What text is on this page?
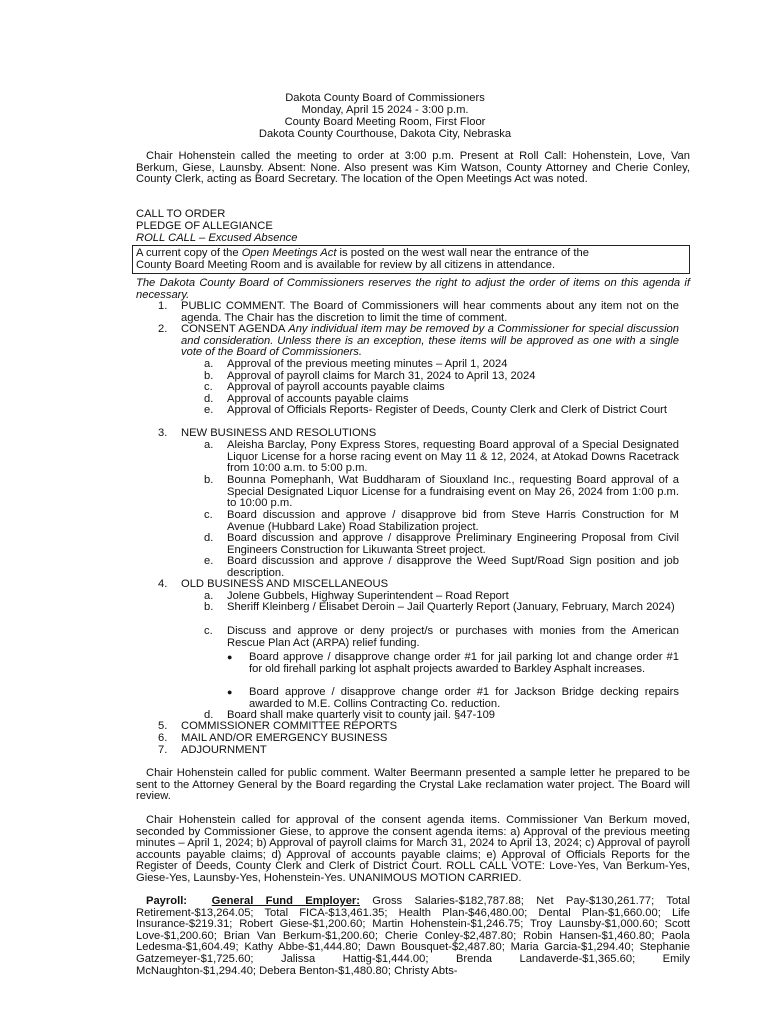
Dakota County Board of Commissioners
Monday, April 15 2024 - 3:00 p.m.
County Board Meeting Room, First Floor
Dakota County Courthouse, Dakota City, Nebraska
Chair Hohenstein called the meeting to order at 3:00 p.m. Present at Roll Call: Hohenstein, Love, Van Berkum, Giese, Launsby. Absent: None. Also present was Kim Watson, County Attorney and Cherie Conley, County Clerk, acting as Board Secretary. The location of the Open Meetings Act was noted.
CALL TO ORDER
PLEDGE OF ALLEGIANCE
ROLL CALL – Excused Absence
A current copy of the Open Meetings Act is posted on the west wall near the entrance of the
County Board Meeting Room and is available for review by all citizens in attendance.
The Dakota County Board of Commissioners reserves the right to adjust the order of items on this agenda if necessary.
1. PUBLIC COMMENT. The Board of Commissioners will hear comments about any item not on the agenda. The Chair has the discretion to limit the time of comment.
2. CONSENT AGENDA Any individual item may be removed by a Commissioner for special discussion and consideration. Unless there is an exception, these items will be approved as one with a single vote of the Board of Commissioners.
a. Approval of the previous meeting minutes – April 1, 2024
b. Approval of payroll claims for March 31, 2024 to April 13, 2024
c. Approval of payroll accounts payable claims
d. Approval of accounts payable claims
e. Approval of Officials Reports- Register of Deeds, County Clerk and Clerk of District Court
3. NEW BUSINESS AND RESOLUTIONS
a. Aleisha Barclay, Pony Express Stores, requesting Board approval of a Special Designated Liquor License for a horse racing event on May 11 & 12, 2024, at Atokad Downs Racetrack from 10:00 a.m. to 5:00 p.m.
b. Bounna Pomephanh, Wat Buddharam of Siouxland Inc., requesting Board approval of a Special Designated Liquor License for a fundraising event on May 26, 2024 from 1:00 p.m. to 10:00 p.m.
c. Board discussion and approve / disapprove bid from Steve Harris Construction for M Avenue (Hubbard Lake) Road Stabilization project.
d. Board discussion and approve / disapprove Preliminary Engineering Proposal from Civil Engineers Construction for Likuwanta Street project.
e. Board discussion and approve / disapprove the Weed Supt/Road Sign position and job description.
4. OLD BUSINESS AND MISCELLANEOUS
a. Jolene Gubbels, Highway Superintendent – Road Report
b. Sheriff Kleinberg / Elisabet Deroin – Jail Quarterly Report (January, February, March 2024)
c. Discuss and approve or deny project/s or purchases with monies from the American Rescue Plan Act (ARPA) relief funding.
● Board approve / disapprove change order #1 for jail parking lot and change order #1 for old firehall parking lot asphalt projects awarded to Barkley Asphalt increases.
● Board approve / disapprove change order #1 for Jackson Bridge decking repairs awarded to M.E. Collins Contracting Co. reduction.
d. Board shall make quarterly visit to county jail. §47-109
5. COMMISSIONER COMMITTEE REPORTS
6. MAIL AND/OR EMERGENCY BUSINESS
7. ADJOURNMENT
Chair Hohenstein called for public comment. Walter Beermann presented a sample letter he prepared to be sent to the Attorney General by the Board regarding the Crystal Lake reclamation water project. The Board will review.
Chair Hohenstein called for approval of the consent agenda items. Commissioner Van Berkum moved, seconded by Commissioner Giese, to approve the consent agenda items: a) Approval of the previous meeting minutes – April 1, 2024; b) Approval of payroll claims for March 31, 2024 to April 13, 2024; c) Approval of payroll accounts payable claims; d) Approval of accounts payable claims; e) Approval of Officials Reports for the Register of Deeds, County Clerk and Clerk of District Court. ROLL CALL VOTE: Love-Yes, Van Berkum-Yes, Giese-Yes, Launsby-Yes, Hohenstein-Yes. UNANIMOUS MOTION CARRIED.
Payroll: General Fund Employer: Gross Salaries-$182,787.88; Net Pay-$130,261.77; Total Retirement-$13,264.05; Total FICA-$13,461.35; Health Plan-$46,480.00; Dental Plan-$1,660.00; Life Insurance-$219.31; Robert Giese-$1,200.60; Martin Hohenstein-$1,246.75; Troy Launsby-$1,000.60; Scott Love-$1,200.60; Brian Van Berkum-$1,200.60; Cherie Conley-$2,487.80; Robin Hansen-$1,460.80; Paola Ledesma-$1,604.49; Kathy Abbe-$1,444.80; Dawn Bousquet-$2,487.80; Maria Garcia-$1,294.40; Stephanie Gatzemeyer-$1,725.60; Jalissa Hattig-$1,444.00; Brenda Landaverde-$1,365.60; Emily McNaughton-$1,294.40; Debera Benton-$1,480.80; Christy Abts-
